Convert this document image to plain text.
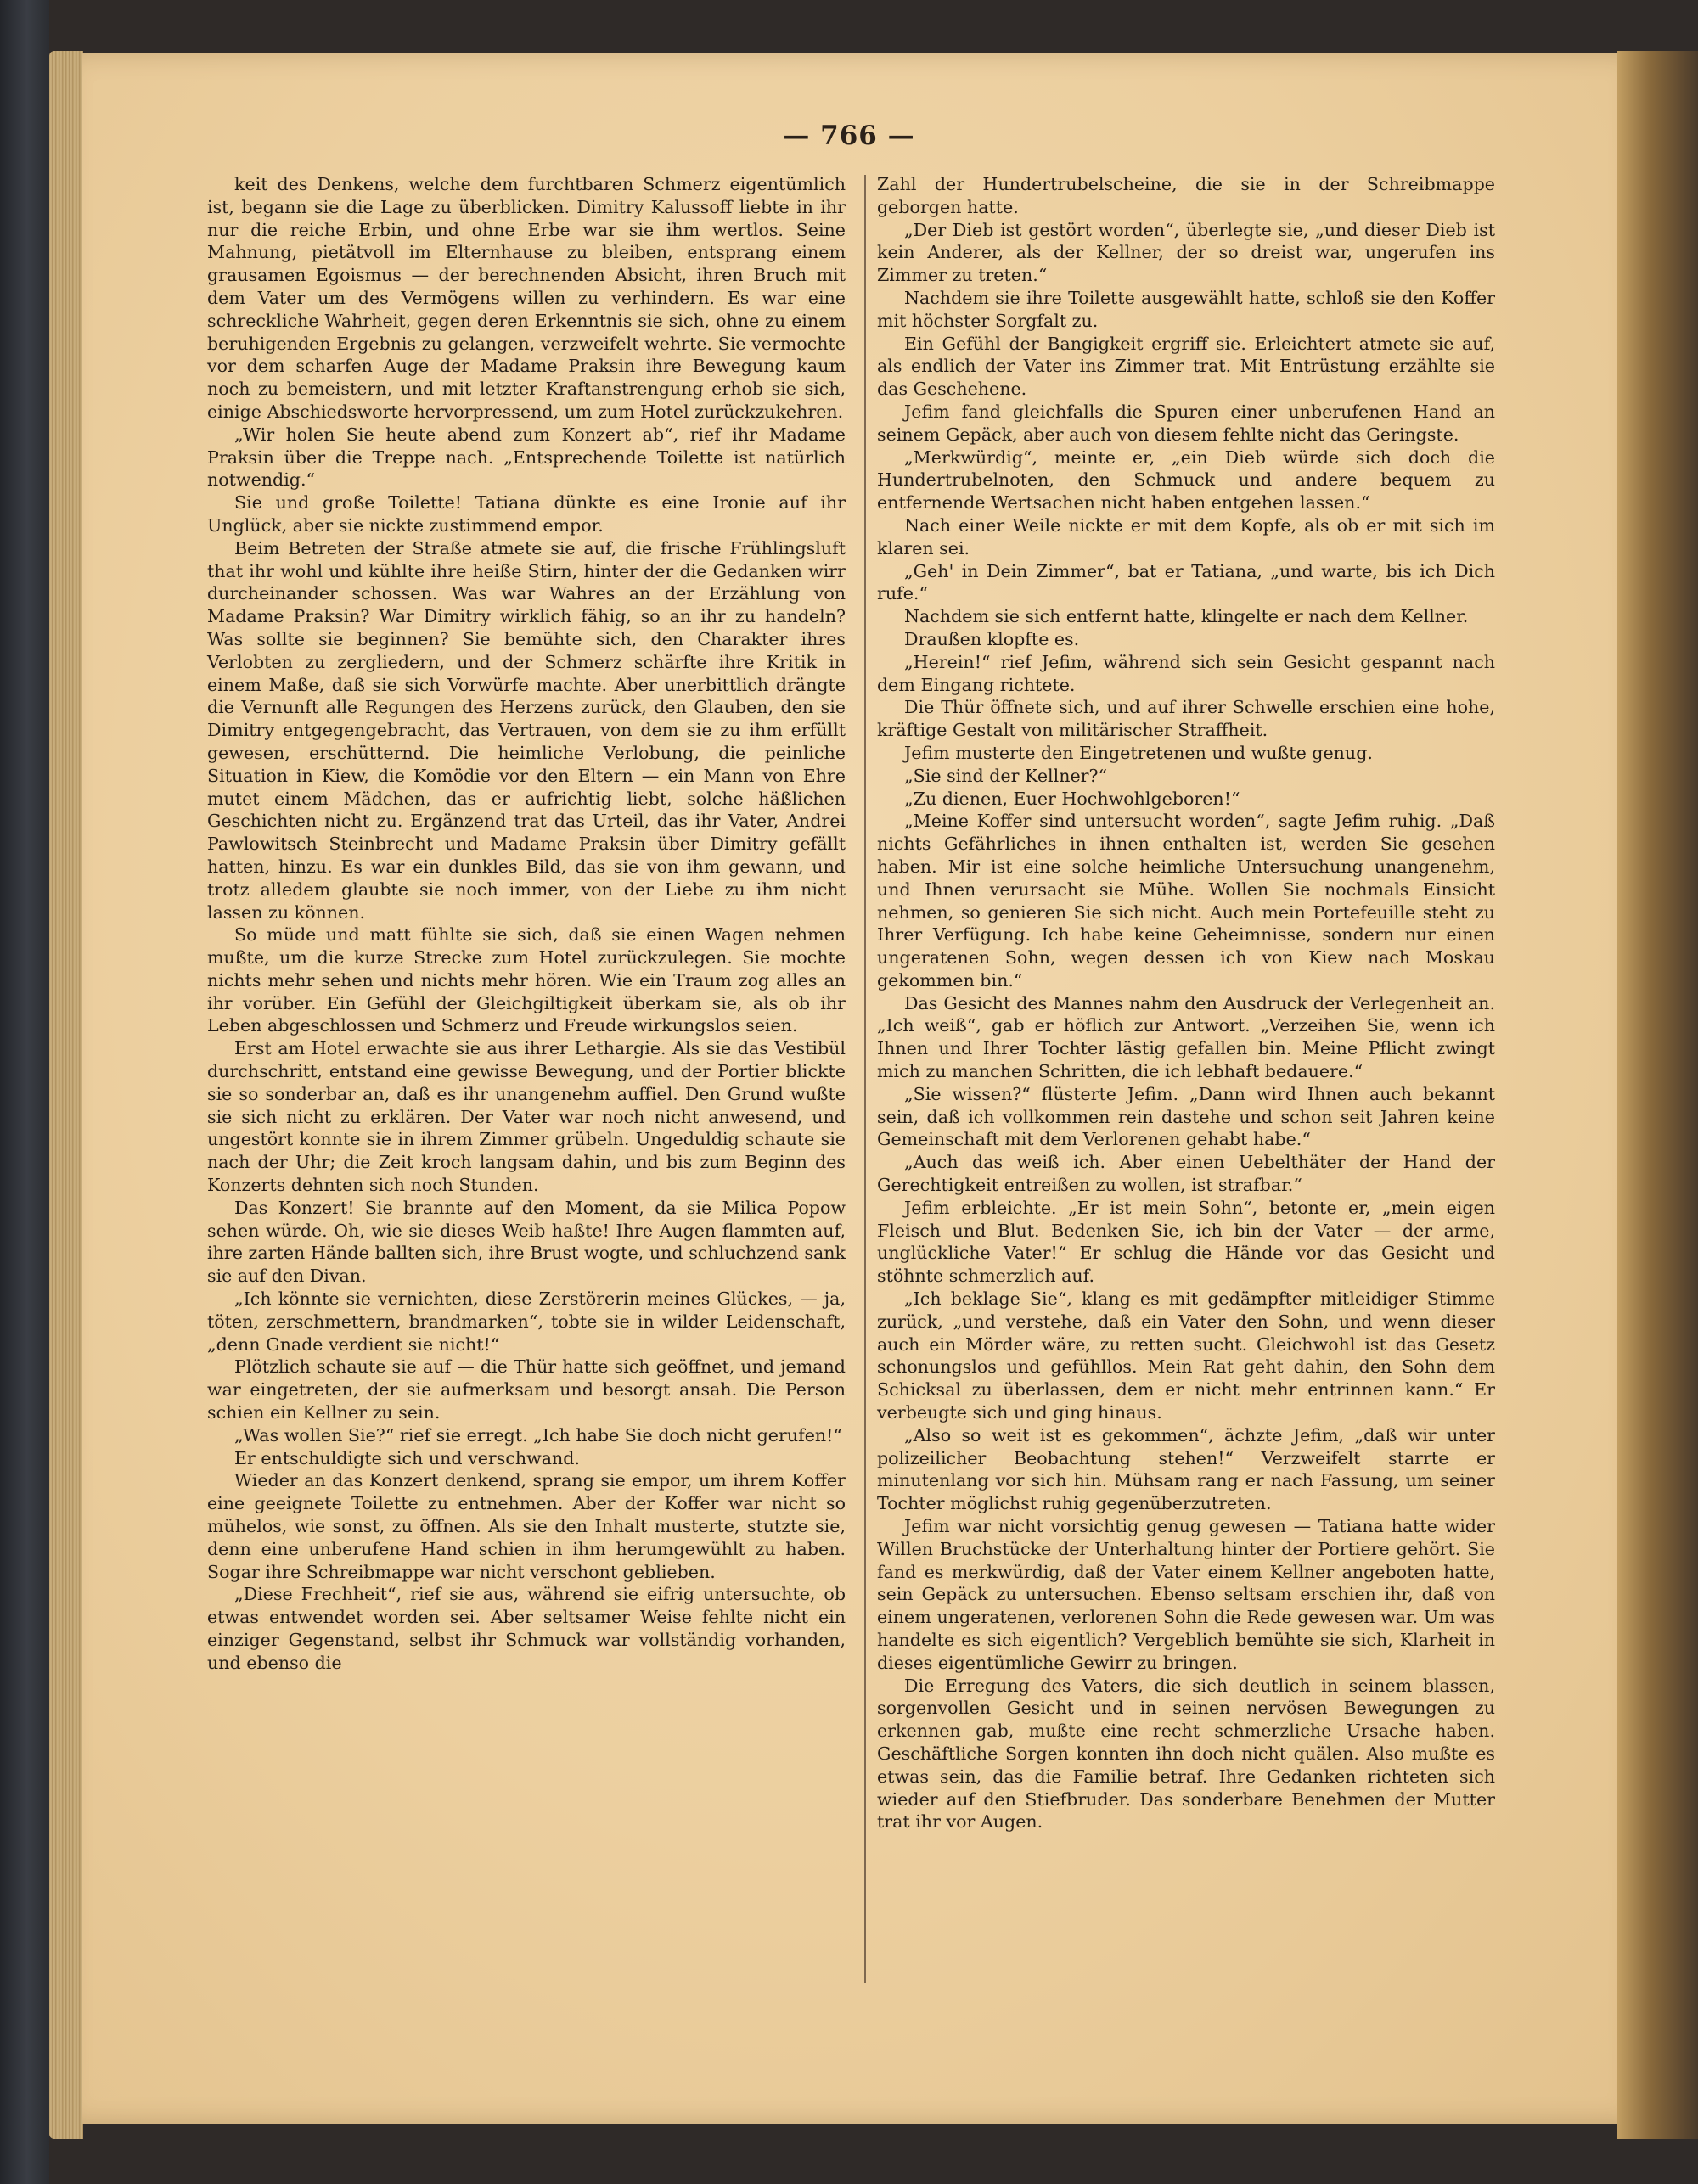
— 766 —

keit des Denkens, welche dem furchtbaren Schmerz eigentümlich ist, begann sie die Lage zu überblicken. Dimitry Kalussoff liebte in ihr nur die reiche Erbin, und ohne Erbe war sie ihm wertlos. Seine Mahnung, pietätvoll im Elternhause zu bleiben, entsprang einem grausamen Egoismus — der berechnenden Absicht, ihren Bruch mit dem Vater um des Vermögens willen zu verhindern. Es war eine schreckliche Wahrheit, gegen deren Erkenntnis sie sich, ohne zu einem beruhigenden Ergebnis zu gelangen, verzweifelt wehrte. Sie vermochte vor dem scharfen Auge der Madame Praksin ihre Bewegung kaum noch zu bemeistern, und mit letzter Kraftanstrengung erhob sie sich, einige Abschiedsworte hervorpressend, um zum Hotel zurückzukehren.

„Wir holen Sie heute abend zum Konzert ab“, rief ihr Madame Praksin über die Treppe nach. „Entsprechende Toilette ist natürlich notwendig.“

Sie und große Toilette! Tatiana dünkte es eine Ironie auf ihr Unglück, aber sie nickte zustimmend empor.

Beim Betreten der Straße atmete sie auf, die frische Frühlingsluft that ihr wohl und kühlte ihre heiße Stirn, hinter der die Gedanken wirr durcheinander schossen. Was war Wahres an der Erzählung von Madame Praksin? War Dimitry wirklich fähig, so an ihr zu handeln? Was sollte sie beginnen? Sie bemühte sich, den Charakter ihres Verlobten zu zergliedern, und der Schmerz schärfte ihre Kritik in einem Maße, daß sie sich Vorwürfe machte. Aber unerbittlich drängte die Vernunft alle Regungen des Herzens zurück, den Glauben, den sie Dimitry entgegengebracht, das Vertrauen, von dem sie zu ihm erfüllt gewesen, erschütternd. Die heimliche Verlobung, die peinliche Situation in Kiew, die Komödie vor den Eltern — ein Mann von Ehre mutet einem Mädchen, das er aufrichtig liebt, solche häßlichen Geschichten nicht zu. Ergänzend trat das Urteil, das ihr Vater, Andrei Pawlowitsch Steinbrecht und Madame Praksin über Dimitry gefällt hatten, hinzu. Es war ein dunkles Bild, das sie von ihm gewann, und trotz alledem glaubte sie noch immer, von der Liebe zu ihm nicht lassen zu können.

So müde und matt fühlte sie sich, daß sie einen Wagen nehmen mußte, um die kurze Strecke zum Hotel zurückzulegen. Sie mochte nichts mehr sehen und nichts mehr hören. Wie ein Traum zog alles an ihr vorüber. Ein Gefühl der Gleichgiltigkeit überkam sie, als ob ihr Leben abgeschlossen und Schmerz und Freude wirkungslos seien.

Erst am Hotel erwachte sie aus ihrer Lethargie. Als sie das Vestibül durchschritt, entstand eine gewisse Bewegung, und der Portier blickte sie so sonderbar an, daß es ihr unangenehm auffiel. Den Grund wußte sie sich nicht zu erklären. Der Vater war noch nicht anwesend, und ungestört konnte sie in ihrem Zimmer grübeln. Ungeduldig schaute sie nach der Uhr; die Zeit kroch langsam dahin, und bis zum Beginn des Konzerts dehnten sich noch Stunden.

Das Konzert! Sie brannte auf den Moment, da sie Milica Popow sehen würde. Oh, wie sie dieses Weib haßte! Ihre Augen flammten auf, ihre zarten Hände ballten sich, ihre Brust wogte, und schluchzend sank sie auf den Divan.

„Ich könnte sie vernichten, diese Zerstörerin meines Glückes, — ja, töten, zerschmettern, brandmarken“, tobte sie in wilder Leidenschaft, „denn Gnade verdient sie nicht!“

Plötzlich schaute sie auf — die Thür hatte sich geöffnet, und jemand war eingetreten, der sie aufmerksam und besorgt ansah. Die Person schien ein Kellner zu sein.

„Was wollen Sie?“ rief sie erregt. „Ich habe Sie doch nicht gerufen!“

Er entschuldigte sich und verschwand.

Wieder an das Konzert denkend, sprang sie empor, um ihrem Koffer eine geeignete Toilette zu entnehmen. Aber der Koffer war nicht so mühelos, wie sonst, zu öffnen. Als sie den Inhalt musterte, stutzte sie, denn eine unberufene Hand schien in ihm herumgewühlt zu haben. Sogar ihre Schreibmappe war nicht verschont geblieben.

„Diese Frechheit“, rief sie aus, während sie eifrig untersuchte, ob etwas entwendet worden sei. Aber seltsamer Weise fehlte nicht ein einziger Gegenstand, selbst ihr Schmuck war vollständig vorhanden, und ebenso die

Zahl der Hundertrubelscheine, die sie in der Schreibmappe geborgen hatte.

„Der Dieb ist gestört worden“, überlegte sie, „und dieser Dieb ist kein Anderer, als der Kellner, der so dreist war, ungerufen ins Zimmer zu treten.“

Nachdem sie ihre Toilette ausgewählt hatte, schloß sie den Koffer mit höchster Sorgfalt zu.

Ein Gefühl der Bangigkeit ergriff sie. Erleichtert atmete sie auf, als endlich der Vater ins Zimmer trat. Mit Entrüstung erzählte sie das Geschehene.

Jefim fand gleichfalls die Spuren einer unberufenen Hand an seinem Gepäck, aber auch von diesem fehlte nicht das Geringste.

„Merkwürdig“, meinte er, „ein Dieb würde sich doch die Hundertrubelnoten, den Schmuck und andere bequem zu entfernende Wertsachen nicht haben entgehen lassen.“

Nach einer Weile nickte er mit dem Kopfe, als ob er mit sich im klaren sei.

„Geh' in Dein Zimmer“, bat er Tatiana, „und warte, bis ich Dich rufe.“

Nachdem sie sich entfernt hatte, klingelte er nach dem Kellner.

Draußen klopfte es.

„Herein!“ rief Jefim, während sich sein Gesicht gespannt nach dem Eingang richtete.

Die Thür öffnete sich, und auf ihrer Schwelle erschien eine hohe, kräftige Gestalt von militärischer Straffheit.

Jefim musterte den Eingetretenen und wußte genug.

„Sie sind der Kellner?“

„Zu dienen, Euer Hochwohlgeboren!“

„Meine Koffer sind untersucht worden“, sagte Jefim ruhig. „Daß nichts Gefährliches in ihnen enthalten ist, werden Sie gesehen haben. Mir ist eine solche heimliche Untersuchung unangenehm, und Ihnen verursacht sie Mühe. Wollen Sie nochmals Einsicht nehmen, so genieren Sie sich nicht. Auch mein Portefeuille steht zu Ihrer Verfügung. Ich habe keine Geheimnisse, sondern nur einen ungeratenen Sohn, wegen dessen ich von Kiew nach Moskau gekommen bin.“

Das Gesicht des Mannes nahm den Ausdruck der Verlegenheit an. „Ich weiß“, gab er höflich zur Antwort. „Verzeihen Sie, wenn ich Ihnen und Ihrer Tochter lästig gefallen bin. Meine Pflicht zwingt mich zu manchen Schritten, die ich lebhaft bedauere.“

„Sie wissen?“ flüsterte Jefim. „Dann wird Ihnen auch bekannt sein, daß ich vollkommen rein dastehe und schon seit Jahren keine Gemeinschaft mit dem Verlorenen gehabt habe.“

„Auch das weiß ich. Aber einen Uebelthäter der Hand der Gerechtigkeit entreißen zu wollen, ist strafbar.“

Jefim erbleichte. „Er ist mein Sohn“, betonte er, „mein eigen Fleisch und Blut. Bedenken Sie, ich bin der Vater — der arme, unglückliche Vater!“ Er schlug die Hände vor das Gesicht und stöhnte schmerzlich auf.

„Ich beklage Sie“, klang es mit gedämpfter mitleidiger Stimme zurück, „und verstehe, daß ein Vater den Sohn, und wenn dieser auch ein Mörder wäre, zu retten sucht. Gleichwohl ist das Gesetz schonungslos und gefühllos. Mein Rat geht dahin, den Sohn dem Schicksal zu überlassen, dem er nicht mehr entrinnen kann.“ Er verbeugte sich und ging hinaus.

„Also so weit ist es gekommen“, ächzte Jefim, „daß wir unter polizeilicher Beobachtung stehen!“ Verzweifelt starrte er minutenlang vor sich hin. Mühsam rang er nach Fassung, um seiner Tochter möglichst ruhig gegenüberzutreten.

Jefim war nicht vorsichtig genug gewesen — Tatiana hatte wider Willen Bruchstücke der Unterhaltung hinter der Portiere gehört. Sie fand es merkwürdig, daß der Vater einem Kellner angeboten hatte, sein Gepäck zu untersuchen. Ebenso seltsam erschien ihr, daß von einem ungeratenen, verlorenen Sohn die Rede gewesen war. Um was handelte es sich eigentlich? Vergeblich bemühte sie sich, Klarheit in dieses eigentümliche Gewirr zu bringen.

Die Erregung des Vaters, die sich deutlich in seinem blassen, sorgenvollen Gesicht und in seinen nervösen Bewegungen zu erkennen gab, mußte eine recht schmerzliche Ursache haben. Geschäftliche Sorgen konnten ihn doch nicht quälen. Also mußte es etwas sein, das die Familie betraf. Ihre Gedanken richteten sich wieder auf den Stiefbruder. Das sonderbare Benehmen der Mutter trat ihr vor Augen.
